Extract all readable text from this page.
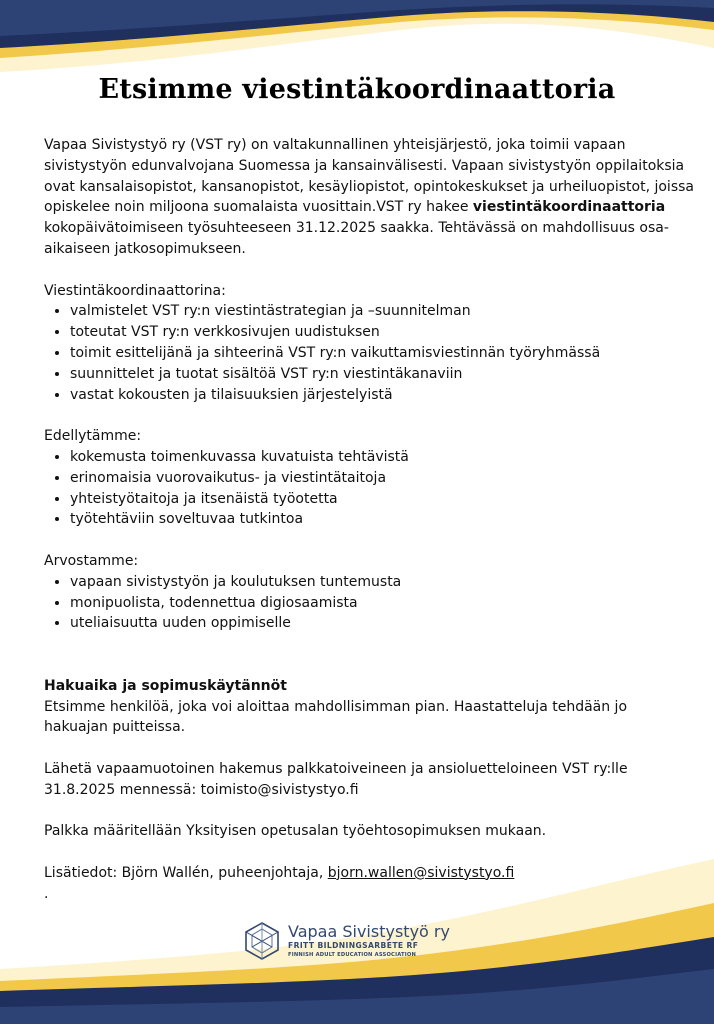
Etsimme viestintäkoordinaattoria

Vapaa Sivistystyö ry (VST ry) on valtakunnallinen yhteisjärjestö, joka toimii vapaan sivistystyön edunvalvojana Suomessa ja kansainvälisesti. Vapaan sivistystyön oppilaitoksia ovat kansalaisopistot, kansanopistot, kesäyliopistot, opintokeskukset ja urheiluopistot, joissa opiskelee noin miljoona suomalaista vuosittain.VST ry hakee viestintäkoordinaattoria kokopäivätoimiseen työsuhteeseen 31.12.2025 saakka. Tehtävässä on mahdollisuus osa-aikaiseen jatkosopimukseen.

Viestintäkoordinaattorina:

• valmistelet VST ry:n viestintästrategian ja –suunnitelman
• toteutat VST ry:n verkkosivujen uudistuksen
• toimit esittelijänä ja sihteerinä VST ry:n vaikuttamisviestinnän työryhmässä
• suunnittelet ja tuotat sisältöä VST ry:n viestintäkanaviin
• vastat kokousten ja tilaisuuksien järjestelyistä

Edellytämme:

• kokemusta toimenkuvassa kuvatuista tehtävistä
• erinomaisia vuorovaikutus- ja viestintätaitoja
• yhteistyötaitoja ja itsenäistä työotetta
• työtehtäviin soveltuvaa tutkintoa

Arvostamme:

• vapaan sivistystyön ja koulutuksen tuntemusta
• monipuolista, todennettua digiosaamista
• uteliaisuutta uuden oppimiselle

Hakuaika ja sopimuskäytännöt

Etsimme henkilöä, joka voi aloittaa mahdollisimman pian. Haastatteluja tehdään jo hakuajan puitteissa.

Lähetä vapaamuotoinen hakemus palkkatoiveineen ja ansioluetteloineen VST ry:lle 31.8.2025 mennessä: toimisto@sivistystyo.fi

Palkka määritellään Yksityisen opetusalan työehtosopimuksen mukaan.

Lisätiedot: Björn Wallén, puheenjohtaja, bjorn.wallen@sivistystyo.fi

.

Vapaa Sivistystyö ry
FRITT BILDNINGSARBETE RF
FINNISH ADULT EDUCATION ASSOCIATION
